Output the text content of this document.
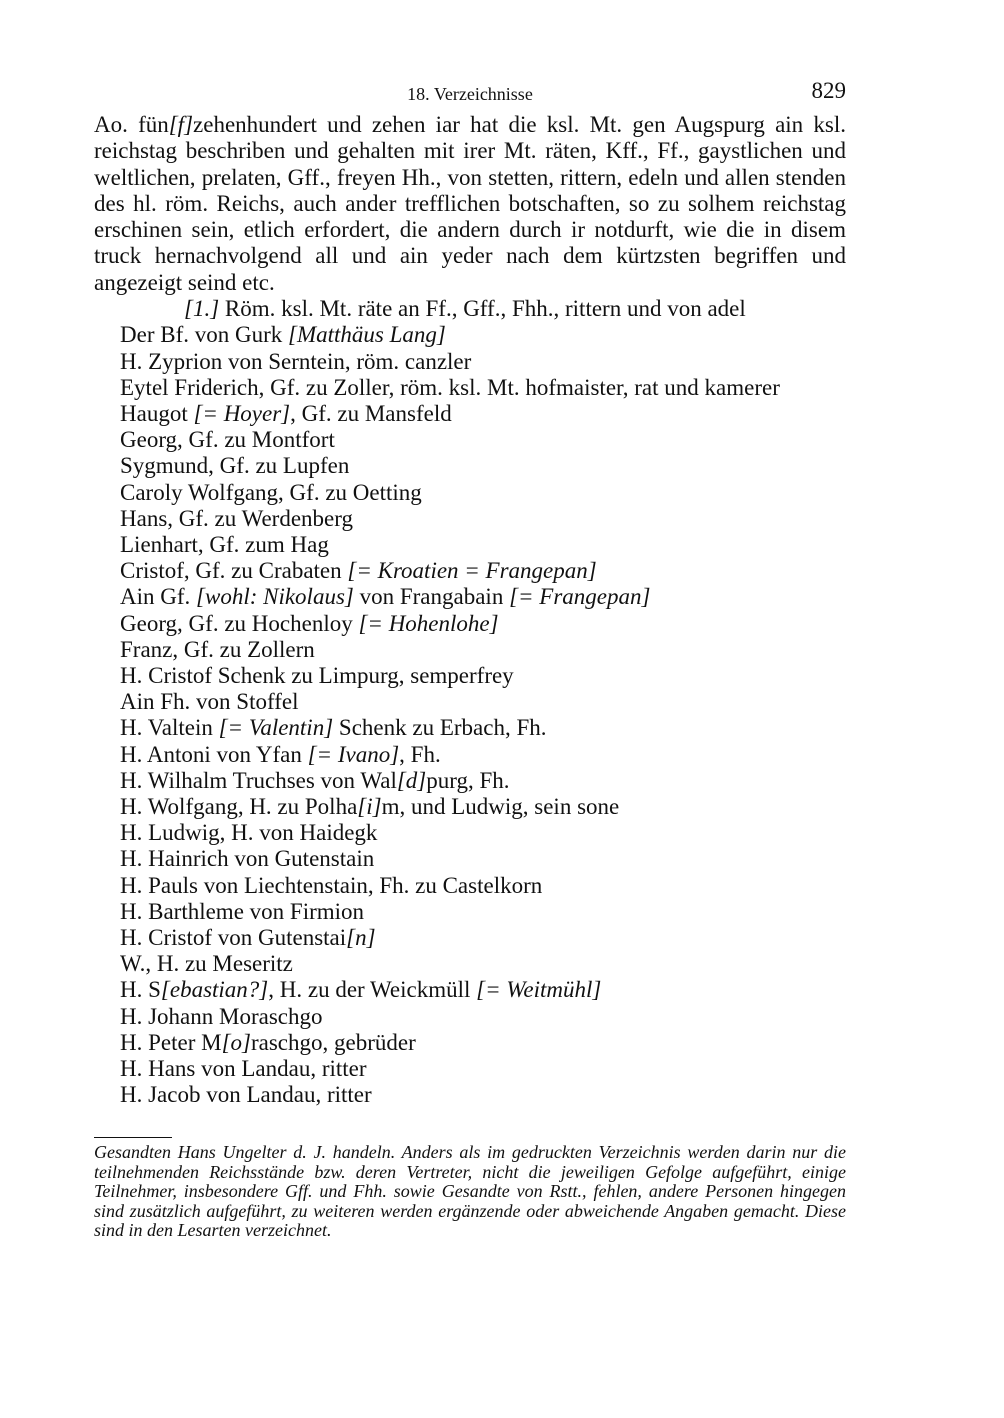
18. Verzeichnisse	829

Ao. fün[f]zehenhundert und zehen iar hat die ksl. Mt. gen Augspurg ain ksl. reichstag beschriben und gehalten mit irer Mt. räten, Kff., Ff., gaystlichen und weltlichen, prelaten, Gff., freyen Hh., von stetten, rittern, edeln und allen stenden des hl. röm. Reichs, auch ander trefflichen botschaften, so zu solhem reichstag erschinen sein, etlich erfordert, die andern durch ir notdurft, wie die in disem truck hernachvolgend all und ain yeder nach dem kürtzsten begriffen und angezeigt seind etc.

[1.] Röm. ksl. Mt. räte an Ff., Gff., Fhh., rittern und von adel
Der Bf. von Gurk [Matthäus Lang]
H. Zyprion von Serntein, röm. canzler
Eytel Friderich, Gf. zu Zoller, röm. ksl. Mt. hofmaister, rat und kamerer
Haugot [= Hoyer], Gf. zu Mansfeld
Georg, Gf. zu Montfort
Sygmund, Gf. zu Lupfen
Caroly Wolfgang, Gf. zu Oetting
Hans, Gf. zu Werdenberg
Lienhart, Gf. zum Hag
Cristof, Gf. zu Crabaten [= Kroatien = Frangepan]
Ain Gf. [wohl: Nikolaus] von Frangabain [= Frangepan]
Georg, Gf. zu Hochenloy [= Hohenlohe]
Franz, Gf. zu Zollern
H. Cristof Schenk zu Limpurg, semperfrey
Ain Fh. von Stoffel
H. Valtein [= Valentin] Schenk zu Erbach, Fh.
H. Antoni von Yfan [= Ivano], Fh.
H. Wilhalm Truchses von Wal[d]purg, Fh.
H. Wolfgang, H. zu Polha[i]m, und Ludwig, sein sone
H. Ludwig, H. von Haidegk
H. Hainrich von Gutenstain
H. Pauls von Liechtenstain, Fh. zu Castelkorn
H. Barthleme von Firmion
H. Cristof von Gutenstai[n]
W., H. zu Meseritz
H. S[ebastian?], H. zu der Weickmüll [= Weitmühl]
H. Johann Moraschgo
H. Peter M[o]raschgo, gebrüder
H. Hans von Landau, ritter
H. Jacob von Landau, ritter

Gesandten Hans Ungelter d. J. handeln. Anders als im gedruckten Verzeichnis werden darin nur die teilnehmenden Reichsstände bzw. deren Vertreter, nicht die jeweiligen Gefolge aufgeführt, einige Teilnehmer, insbesondere Gff. und Fhh. sowie Gesandte von Rstt., fehlen, andere Personen hingegen sind zusätzlich aufgeführt, zu weiteren werden ergänzende oder abweichende Angaben gemacht. Diese sind in den Lesarten verzeichnet.
